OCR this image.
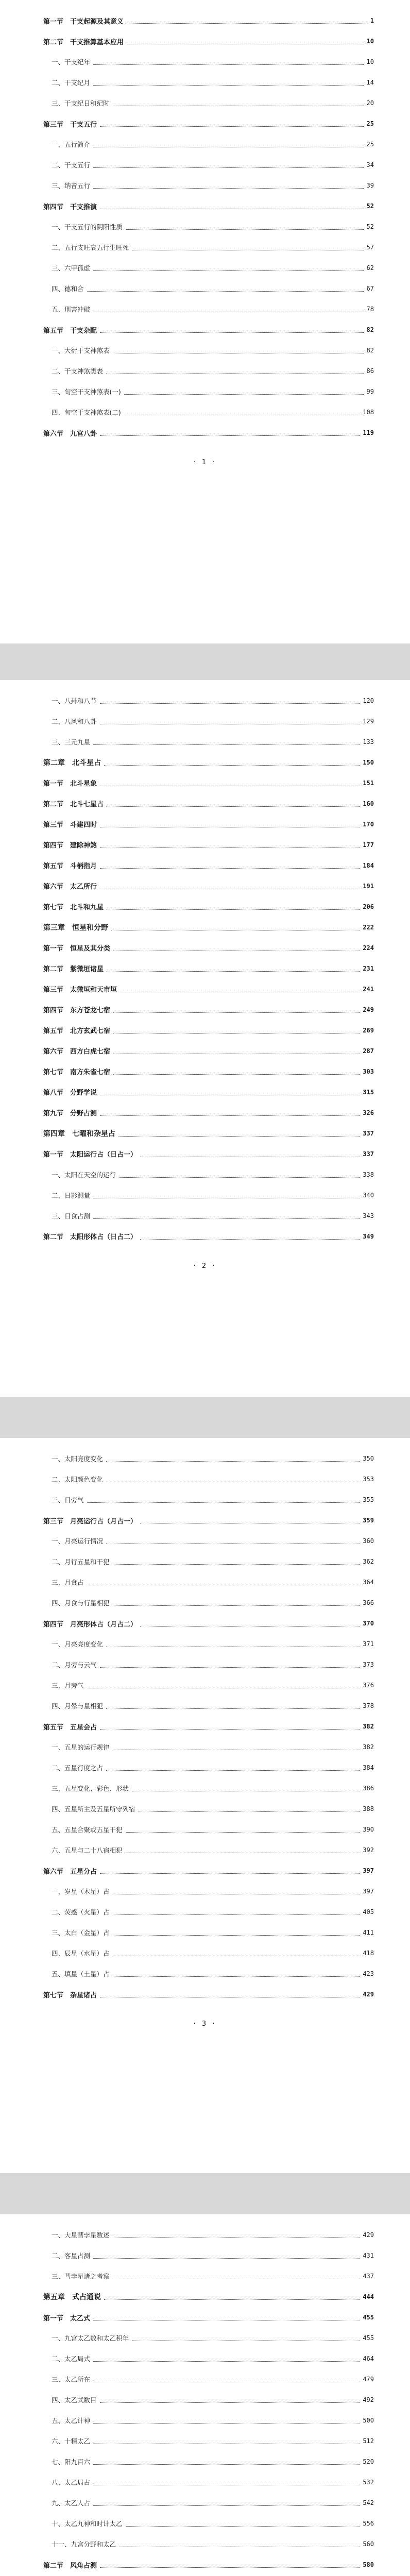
第一节　干支起源及其意义	1
第二节　干支推算基本应用	10
一、干支纪年	10
二、干支纪月	14
三、干支纪日和纪时	20
第三节　干支五行	25
一、五行简介	25
二、干支五行	34
三、纳音五行	39
第四节　干支推演	52
一、干支五行的阴阳性质	52
二、五行支旺衰五行生旺死	57
三、六甲孤虚	62
四、德和合	67
五、刑害冲破	78
第五节　干支杂配	82
一、大衍干支神煞表	82
二、干支神煞类表	86
三、旬空干支神煞表(一)	99
四、旬空干支神煞表(二)	108
第六节　九宫八卦	119
· 1 ·
一、八卦和八节	120
二、八风和八卦	129
三、三元九星	133
第二章　北斗星占	150
第一节　北斗星象	151
第二节　北斗七星占	160
第三节　斗建四时	170
第四节　建除神煞	177
第五节　斗柄指月	184
第六节　太乙所行	191
第七节　北斗和九星	206
第三章　恒星和分野	222
第一节　恒星及其分类	224
第二节　紫微垣诸星	231
第三节　太微垣和天市垣	241
第四节　东方苍龙七宿	249
第五节　北方玄武七宿	269
第六节　西方白虎七宿	287
第七节　南方朱雀七宿	303
第八节　分野学说	315
第九节　分野占测	326
第四章　七曜和杂星占	337
第一节　太阳运行占（日占一）	337
一、太阳在天空的运行	338
二、日影测量	340
三、日食占测	343
第二节　太阳形体占（日占二）	349
· 2 ·
一、太阳亮度变化	350
二、太阳颜色变化	353
三、日旁气	355
第三节　月亮运行占（月占一）	359
一、月亮运行情况	360
二、月行五星和干犯	362
三、月食占	364
四、月食与行星相犯	366
第四节　月亮形体占（月占二）	370
一、月亮亮度变化	371
二、月旁与云气	373
三、月旁气	376
四、月晕与星相犯	378
第五节　五星会占	382
一、五星的运行规律	382
二、五星行度之占	384
三、五星变化、彩色、形状	386
四、五星所主及五星所守列宿	388
五、五星合聚或五星干犯	390
六、五星与二十八宿相犯	392
第六节　五星分占	397
一、岁星（木星）占	397
二、荧惑（火星）占	405
三、太白（金星）占	411
四、辰星（水星）占	418
五、填星（土星）占	423
第七节　杂星诸占	429
· 3 ·
一、大星彗孛星数述	429
二、客星占测	431
三、彗孛星诸之考察	437
第五章　式占通说	444
第一节　太乙式	455
一、九宫太乙数和太乙积年	455
二、太乙局式	464
三、太乙所在	479
四、太乙式数目	492
五、太乙计神	500
六、十精太乙	512
七、阳九百六	520
八、太乙局占	532
九、太乙人占	542
十、太乙九神和时计太乙	556
十一、九宫分野和太乙	560
第二节　风角占测	580
